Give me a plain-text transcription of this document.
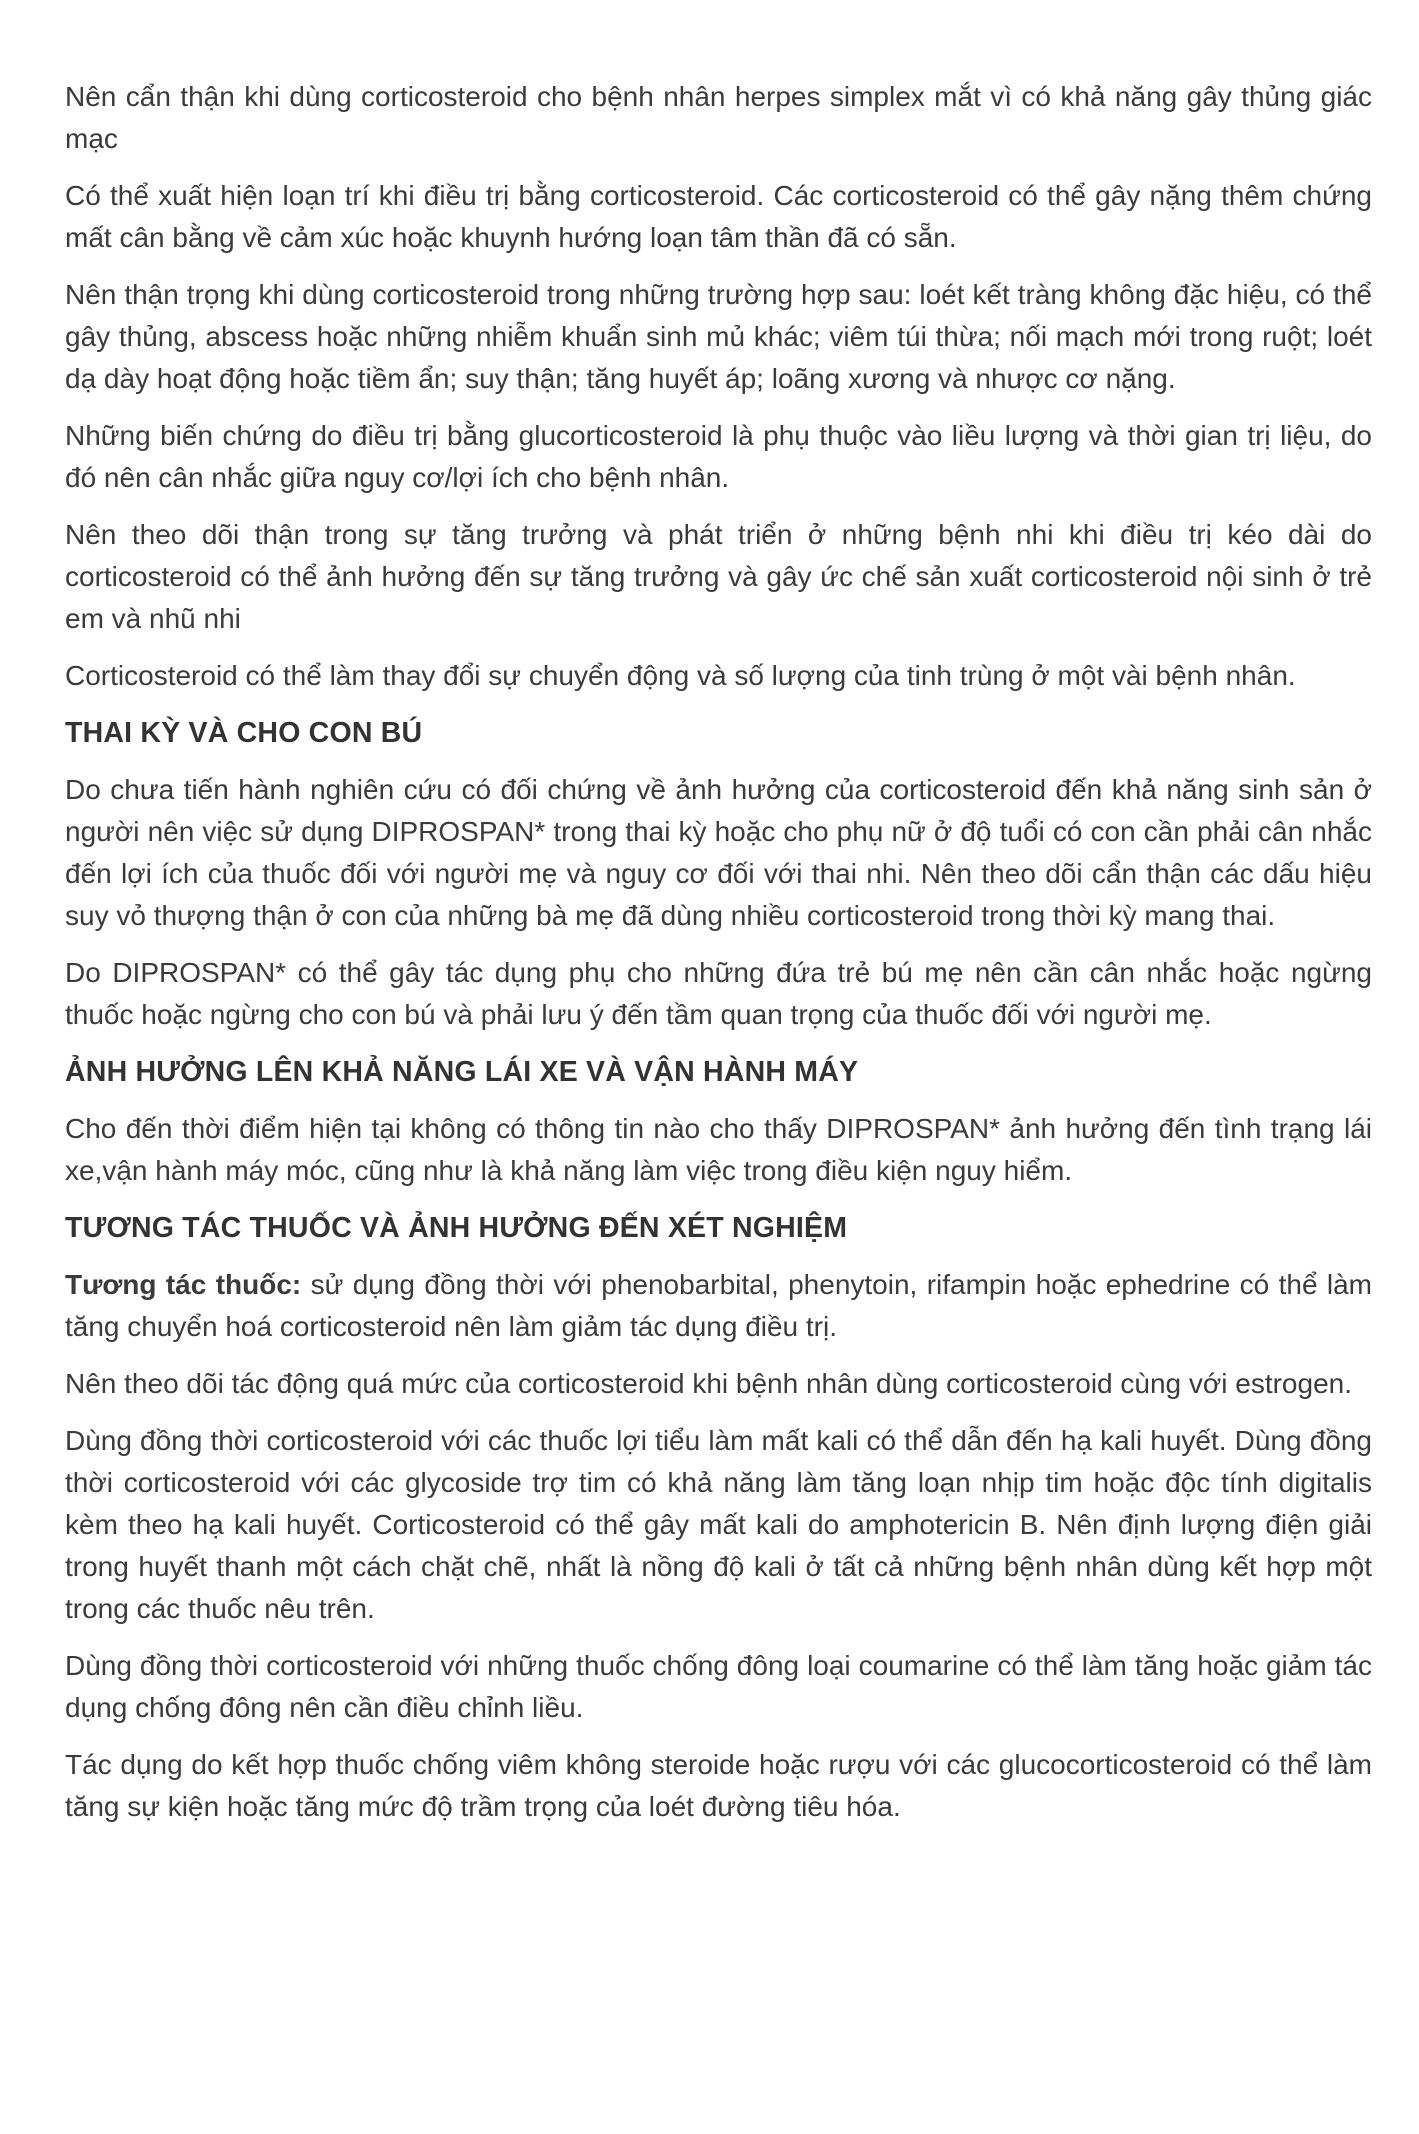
Nên cẩn thận khi dùng corticosteroid cho bệnh nhân herpes simplex mắt vì có khả năng gây thủng giác mạc

Có thể xuất hiện loạn trí khi điều trị bằng corticosteroid. Các corticosteroid có thể gây nặng thêm chứng mất cân bằng về cảm xúc hoặc khuynh hướng loạn tâm thần đã có sẵn.

Nên thận trọng khi dùng corticosteroid trong những trường hợp sau: loét kết tràng không đặc hiệu, có thể gây thủng, abscess hoặc những nhiễm khuẩn sinh mủ khác; viêm túi thừa; nối mạch mới trong ruột; loét dạ dày hoạt động hoặc tiềm ẩn; suy thận; tăng huyết áp; loãng xương và nhược cơ nặng.

Những biến chứng do điều trị bằng glucorticosteroid là phụ thuộc vào liều lượng và thời gian trị liệu, do đó nên cân nhắc giữa nguy cơ/lợi ích cho bệnh nhân.

Nên theo dõi thận trong sự tăng trưởng và phát triển ở những bệnh nhi khi điều trị kéo dài do corticosteroid có thể ảnh hưởng đến sự tăng trưởng và gây ức chế sản xuất corticosteroid nội sinh ở trẻ em và nhũ nhi

Corticosteroid có thể làm thay đổi sự chuyển động và số lượng của tinh trùng ở một vài bệnh nhân.

THAI KỲ VÀ CHO CON BÚ

Do chưa tiến hành nghiên cứu có đối chứng về ảnh hưởng của corticosteroid đến khả năng sinh sản ở người nên việc sử dụng DIPROSPAN* trong thai kỳ hoặc cho phụ nữ ở độ tuổi có con cần phải cân nhắc đến lợi ích của thuốc đối với người mẹ và nguy cơ đối với thai nhi. Nên theo dõi cẩn thận các dấu hiệu suy vỏ thượng thận ở con của những bà mẹ đã dùng nhiều corticosteroid trong thời kỳ mang thai.

Do DIPROSPAN* có thể gây tác dụng phụ cho những đứa trẻ bú mẹ nên cần cân nhắc hoặc ngừng thuốc hoặc ngừng cho con bú và phải lưu ý đến tầm quan trọng của thuốc đối với người mẹ.

ẢNH HƯỞNG LÊN KHẢ NĂNG LÁI XE VÀ VẬN HÀNH MÁY

Cho đến thời điểm hiện tại không có thông tin nào cho thấy DIPROSPAN* ảnh hưởng đến tình trạng lái xe,vận hành máy móc, cũng như là khả năng làm việc trong điều kiện nguy hiểm.

TƯƠNG TÁC THUỐC VÀ ẢNH HƯỞNG ĐẾN XÉT NGHIỆM

Tương tác thuốc: sử dụng đồng thời với phenobarbital, phenytoin, rifampin hoặc ephedrine có thể làm tăng chuyển hoá corticosteroid nên làm giảm tác dụng điều trị.

Nên theo dõi tác động quá mức của corticosteroid khi bệnh nhân dùng corticosteroid cùng với estrogen.

Dùng đồng thời corticosteroid với các thuốc lợi tiểu làm mất kali có thể dẫn đến hạ kali huyết. Dùng đồng thời corticosteroid với các glycoside trợ tim có khả năng làm tăng loạn nhịp tim hoặc độc tính digitalis kèm theo hạ kali huyết. Corticosteroid có thể gây mất kali do amphotericin B. Nên định lượng điện giải trong huyết thanh một cách chặt chẽ, nhất là nồng độ kali ở tất cả những bệnh nhân dùng kết hợp một trong các thuốc nêu trên.

Dùng đồng thời corticosteroid với những thuốc chống đông loại coumarine có thể làm tăng hoặc giảm tác dụng chống đông nên cần điều chỉnh liều.

Tác dụng do kết hợp thuốc chống viêm không steroide hoặc rượu với các glucocorticosteroid có thể làm tăng sự kiện hoặc tăng mức độ trầm trọng của loét đường tiêu hóa.
